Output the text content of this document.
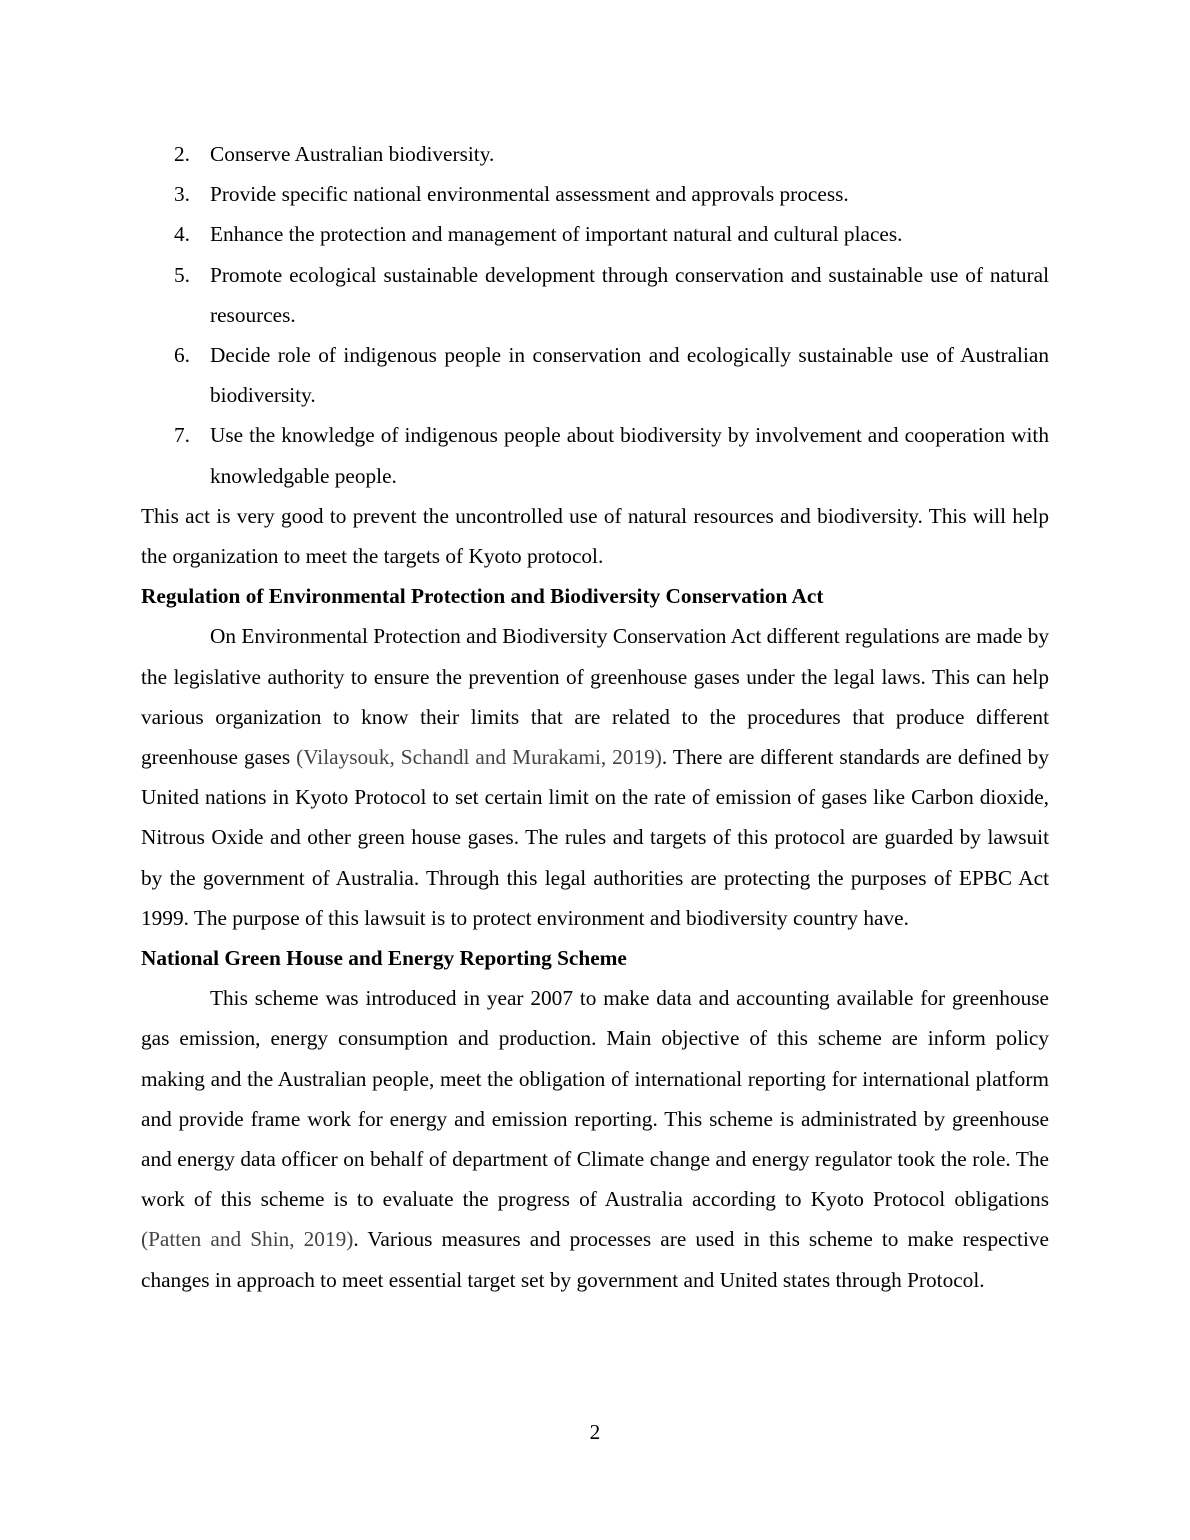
2. Conserve Australian biodiversity.
3. Provide specific national environmental assessment and approvals process.
4. Enhance the protection and management of important natural and cultural places.
5. Promote ecological sustainable development through conservation and sustainable use of natural resources.
6. Decide role of indigenous people in conservation and ecologically sustainable use of Australian biodiversity.
7. Use the knowledge of indigenous people about biodiversity by involvement and cooperation with knowledgable people.

This act is very good to prevent the uncontrolled use of natural resources and biodiversity. This will help the organization to meet the targets of Kyoto protocol.

Regulation of Environmental Protection and Biodiversity Conservation Act

On Environmental Protection and Biodiversity Conservation Act different regulations are made by the legislative authority to ensure the prevention of greenhouse gases under the legal laws. This can help various organization to know their limits that are related to the procedures that produce different greenhouse gases (Vilaysouk, Schandl and Murakami, 2019). There are different standards are defined by United nations in Kyoto Protocol to set certain limit on the rate of emission of gases like Carbon dioxide, Nitrous Oxide and other green house gases. The rules and targets of this protocol are guarded by lawsuit by the government of Australia. Through this legal authorities are protecting the purposes of EPBC Act 1999. The purpose of this lawsuit is to protect environment and biodiversity country have.

National Green House and Energy Reporting Scheme

This scheme was introduced in year 2007 to make data and accounting available for greenhouse gas emission, energy consumption and production. Main objective of this scheme are inform policy making and the Australian people, meet the obligation of international reporting for international platform and provide frame work for energy and emission reporting. This scheme is administrated by greenhouse and energy data officer on behalf of department of Climate change and energy regulator took the role. The work of this scheme is to evaluate the progress of Australia according to Kyoto Protocol obligations (Patten and Shin, 2019). Various measures and processes are used in this scheme to make respective changes in approach to meet essential target set by government and United states through Protocol.

2
